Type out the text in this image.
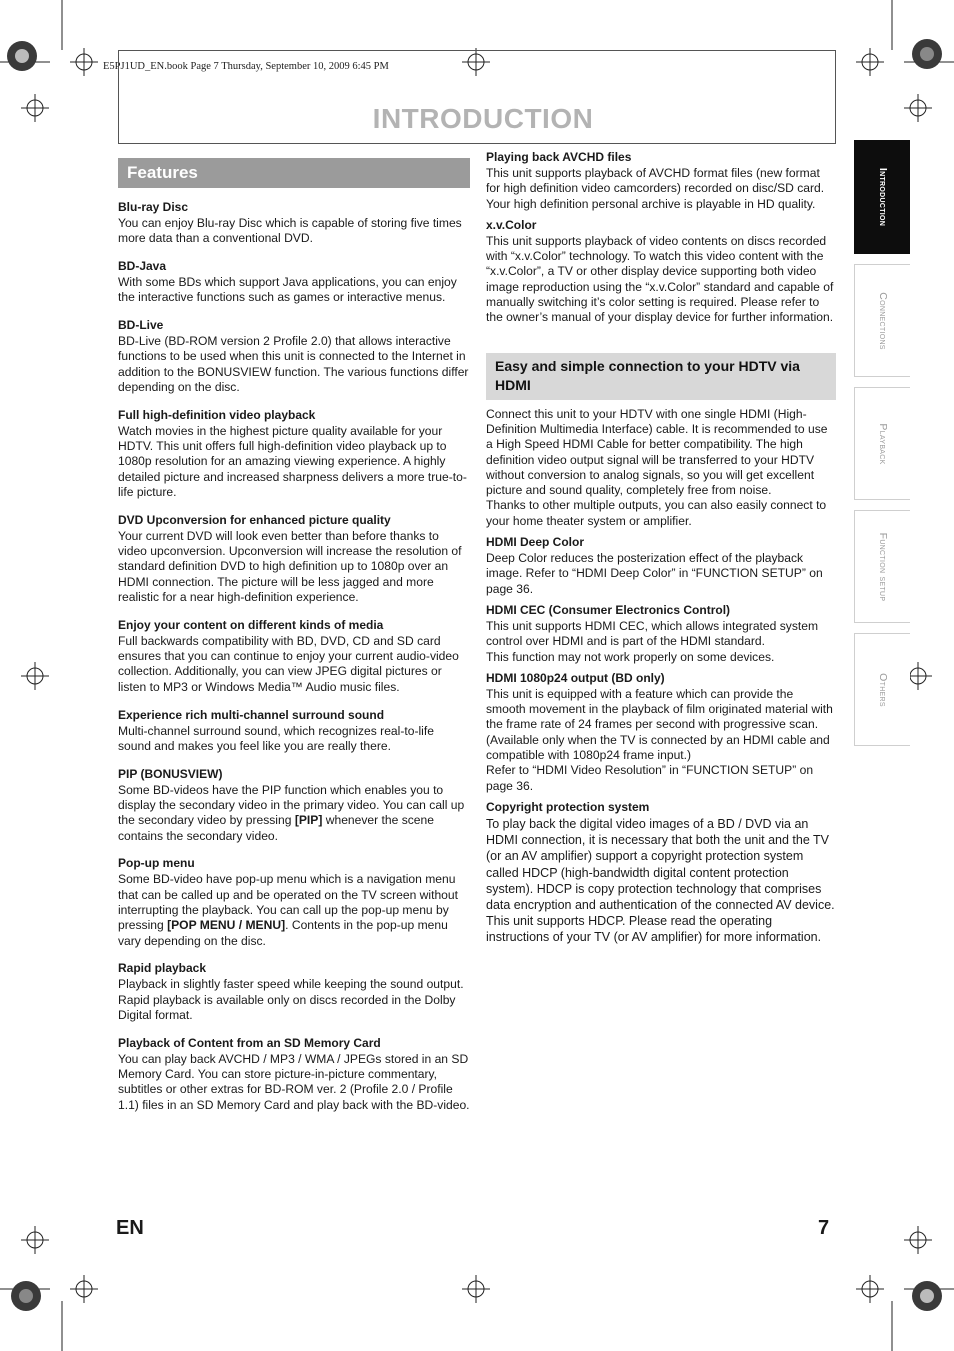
E5PJ1UD_EN.book Page 7 Thursday, September 10, 2009 6:45 PM
INTRODUCTION
Features
Blu-ray Disc

You can enjoy Blu-ray Disc which is capable of storing five times more data than a conventional DVD.

BD-Java

With some BDs which support Java applications, you can enjoy the interactive functions such as games or interactive menus.

BD-Live

BD-Live (BD-ROM version 2 Profile 2.0) that allows interactive functions to be used when this unit is connected to the Internet in addition to the BONUSVIEW function. The various functions differ depending on the disc.

Full high-definition video playback

Watch movies in the highest picture quality available for your HDTV. This unit offers full high-definition video playback up to 1080p resolution for an amazing viewing experience. A highly detailed picture and increased sharpness delivers a more true-to-life picture.

DVD Upconversion for enhanced picture quality

Your current DVD will look even better than before thanks to video upconversion. Upconversion will increase the resolution of standard definition DVD to high definition up to 1080p over an HDMI connection. The picture will be less jagged and more realistic for a near high-definition experience.

Enjoy your content on different kinds of media

Full backwards compatibility with BD, DVD, CD and SD card ensures that you can continue to enjoy your current audio-video collection. Additionally, you can view JPEG digital pictures or listen to MP3 or Windows Media™ Audio music files.

Experience rich multi-channel surround sound

Multi-channel surround sound, which recognizes real-to-life sound and makes you feel like you are really there.

PIP (BONUSVIEW)

Some BD-videos have the PIP function which enables you to display the secondary video in the primary video. You can call up the secondary video by pressing [PIP] whenever the scene contains the secondary video.

Pop-up menu

Some BD-video have pop-up menu which is a navigation menu that can be called up and be operated on the TV screen without interrupting the playback. You can call up the pop-up menu by pressing [POP MENU / MENU]. Contents in the pop-up menu vary depending on the disc.

Rapid playback

Playback in slightly faster speed while keeping the sound output.

Rapid playback is available only on discs recorded in the Dolby Digital format.

Playback of Content from an SD Memory Card

You can play back AVCHD / MP3 / WMA / JPEGs stored in an SD Memory Card. You can store picture-in-picture commentary, subtitles or other extras for BD-ROM ver. 2 (Profile 2.0 / Profile 1.1) files in an SD Memory Card and play back with the BD-video.

Playing back AVCHD files

This unit supports playback of AVCHD format files (new format for high definition video camcorders) recorded on disc/SD card. Your high definition personal archive is playable in HD quality.

x.v.Color

This unit supports playback of video contents on discs recorded with “x.v.Color” technology. To watch this video content with the “x.v.Color”, a TV or other display device supporting both video image reproduction using the “x.v.Color” standard and capable of manually switching it’s color setting is required. Please refer to the owner’s manual of your display device for further information.

Easy and simple connection to your HDTV via HDMI

Connect this unit to your HDTV with one single HDMI (High-Definition Multimedia Interface) cable. It is recommended to use a High Speed HDMI Cable for better compatibility. The high definition video output signal will be transferred to your HDTV without conversion to analog signals, so you will get excellent picture and sound quality, completely free from noise.

Thanks to other multiple outputs, you can also easily connect to your home theater system or amplifier.

HDMI Deep Color

Deep Color reduces the posterization effect of the playback image. Refer to “HDMI Deep Color” in “FUNCTION SETUP” on page 36.

HDMI CEC (Consumer Electronics Control)

This unit supports HDMI CEC, which allows integrated system control over HDMI and is part of the HDMI standard.

This function may not work properly on some devices.

HDMI 1080p24 output (BD only)

This unit is equipped with a feature which can provide the smooth movement in the playback of film originated material with the frame rate of 24 frames per second with progressive scan. (Available only when the TV is connected by an HDMI cable and compatible with 1080p24 frame input.)

Refer to “HDMI Video Resolution” in “FUNCTION SETUP” on page 36.

Copyright protection system

To play back the digital video images of a BD / DVD via an HDMI connection, it is necessary that both the unit and the TV (or an AV amplifier) support a copyright protection system called HDCP (high-bandwidth digital content protection system). HDCP is copy protection technology that comprises data encryption and authentication of the connected AV device. This unit supports HDCP. Please read the operating instructions of your TV (or AV amplifier) for more information.

Introduction
Connections
Playback
Function setup
Others
EN	7
